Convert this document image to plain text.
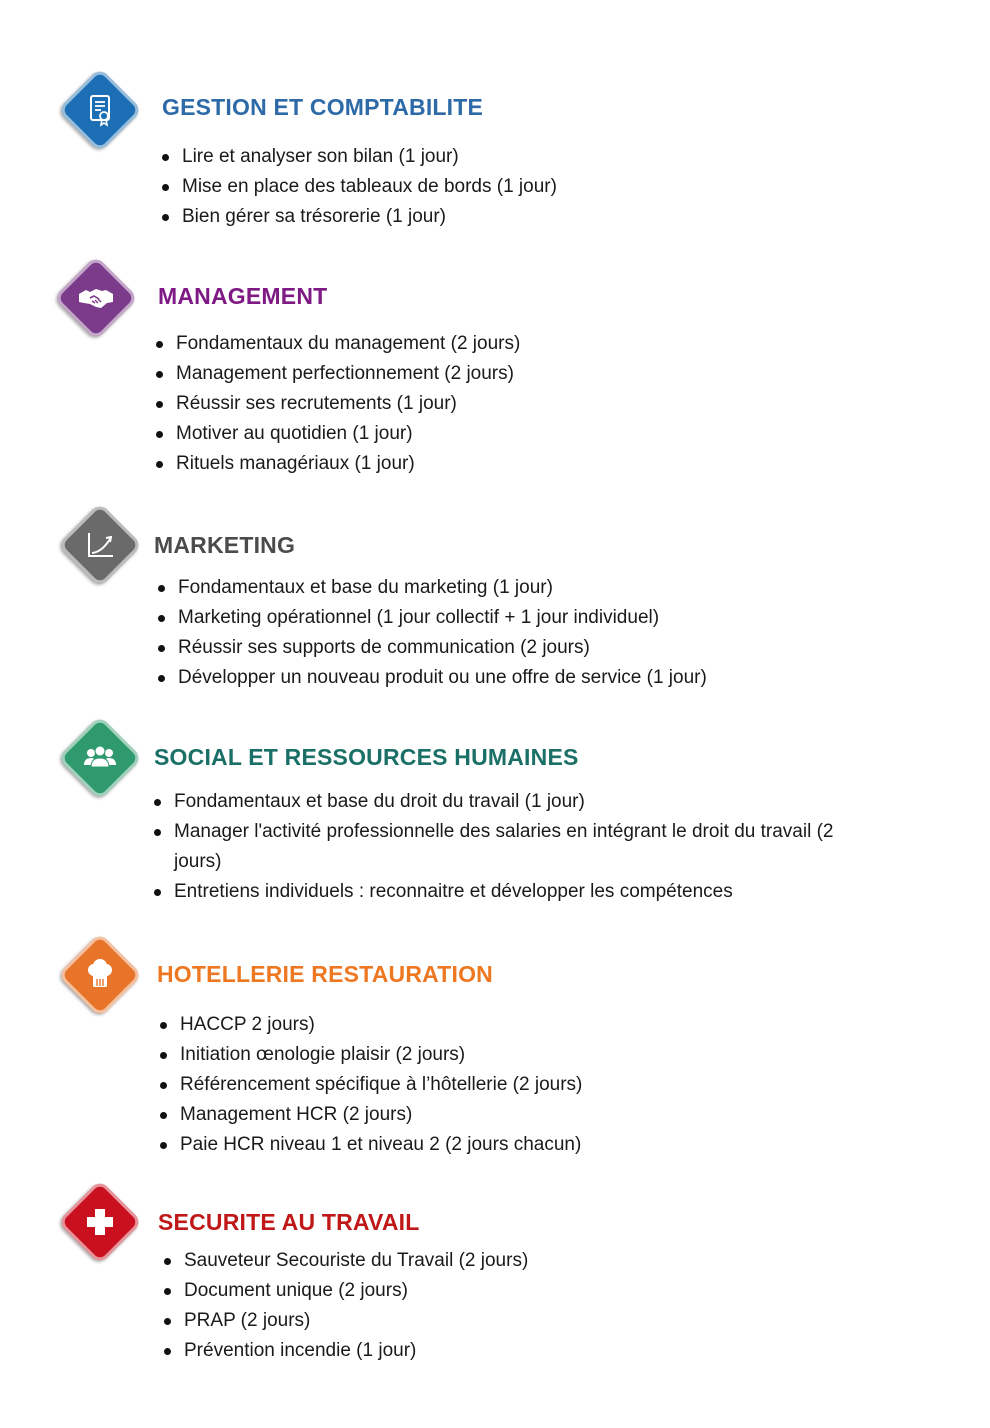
GESTION ET COMPTABILITE
Lire et analyser son bilan (1 jour)
Mise en place des tableaux de bords (1 jour)
Bien gérer sa trésorerie (1 jour)
MANAGEMENT
Fondamentaux du management (2 jours)
Management perfectionnement (2 jours)
Réussir ses recrutements (1 jour)
Motiver au quotidien (1 jour)
Rituels managériaux (1 jour)
MARKETING
Fondamentaux et base du marketing (1 jour)
Marketing opérationnel (1 jour collectif + 1 jour individuel)
Réussir ses supports de communication (2 jours)
Développer un nouveau produit ou une offre de service (1 jour)
SOCIAL ET RESSOURCES HUMAINES
Fondamentaux et base du droit du travail (1 jour)
Manager l'activité professionnelle des salaries en intégrant le droit du travail (2 jours)
Entretiens individuels : reconnaitre et développer les compétences
HOTELLERIE RESTAURATION
HACCP 2 jours)
Initiation œnologie plaisir (2 jours)
Référencement spécifique à l’hôtellerie (2 jours)
Management HCR (2 jours)
Paie HCR niveau 1 et niveau 2 (2 jours chacun)
SECURITE AU TRAVAIL
Sauveteur Secouriste du Travail (2 jours)
Document unique (2 jours)
PRAP (2 jours)
Prévention incendie (1 jour)
